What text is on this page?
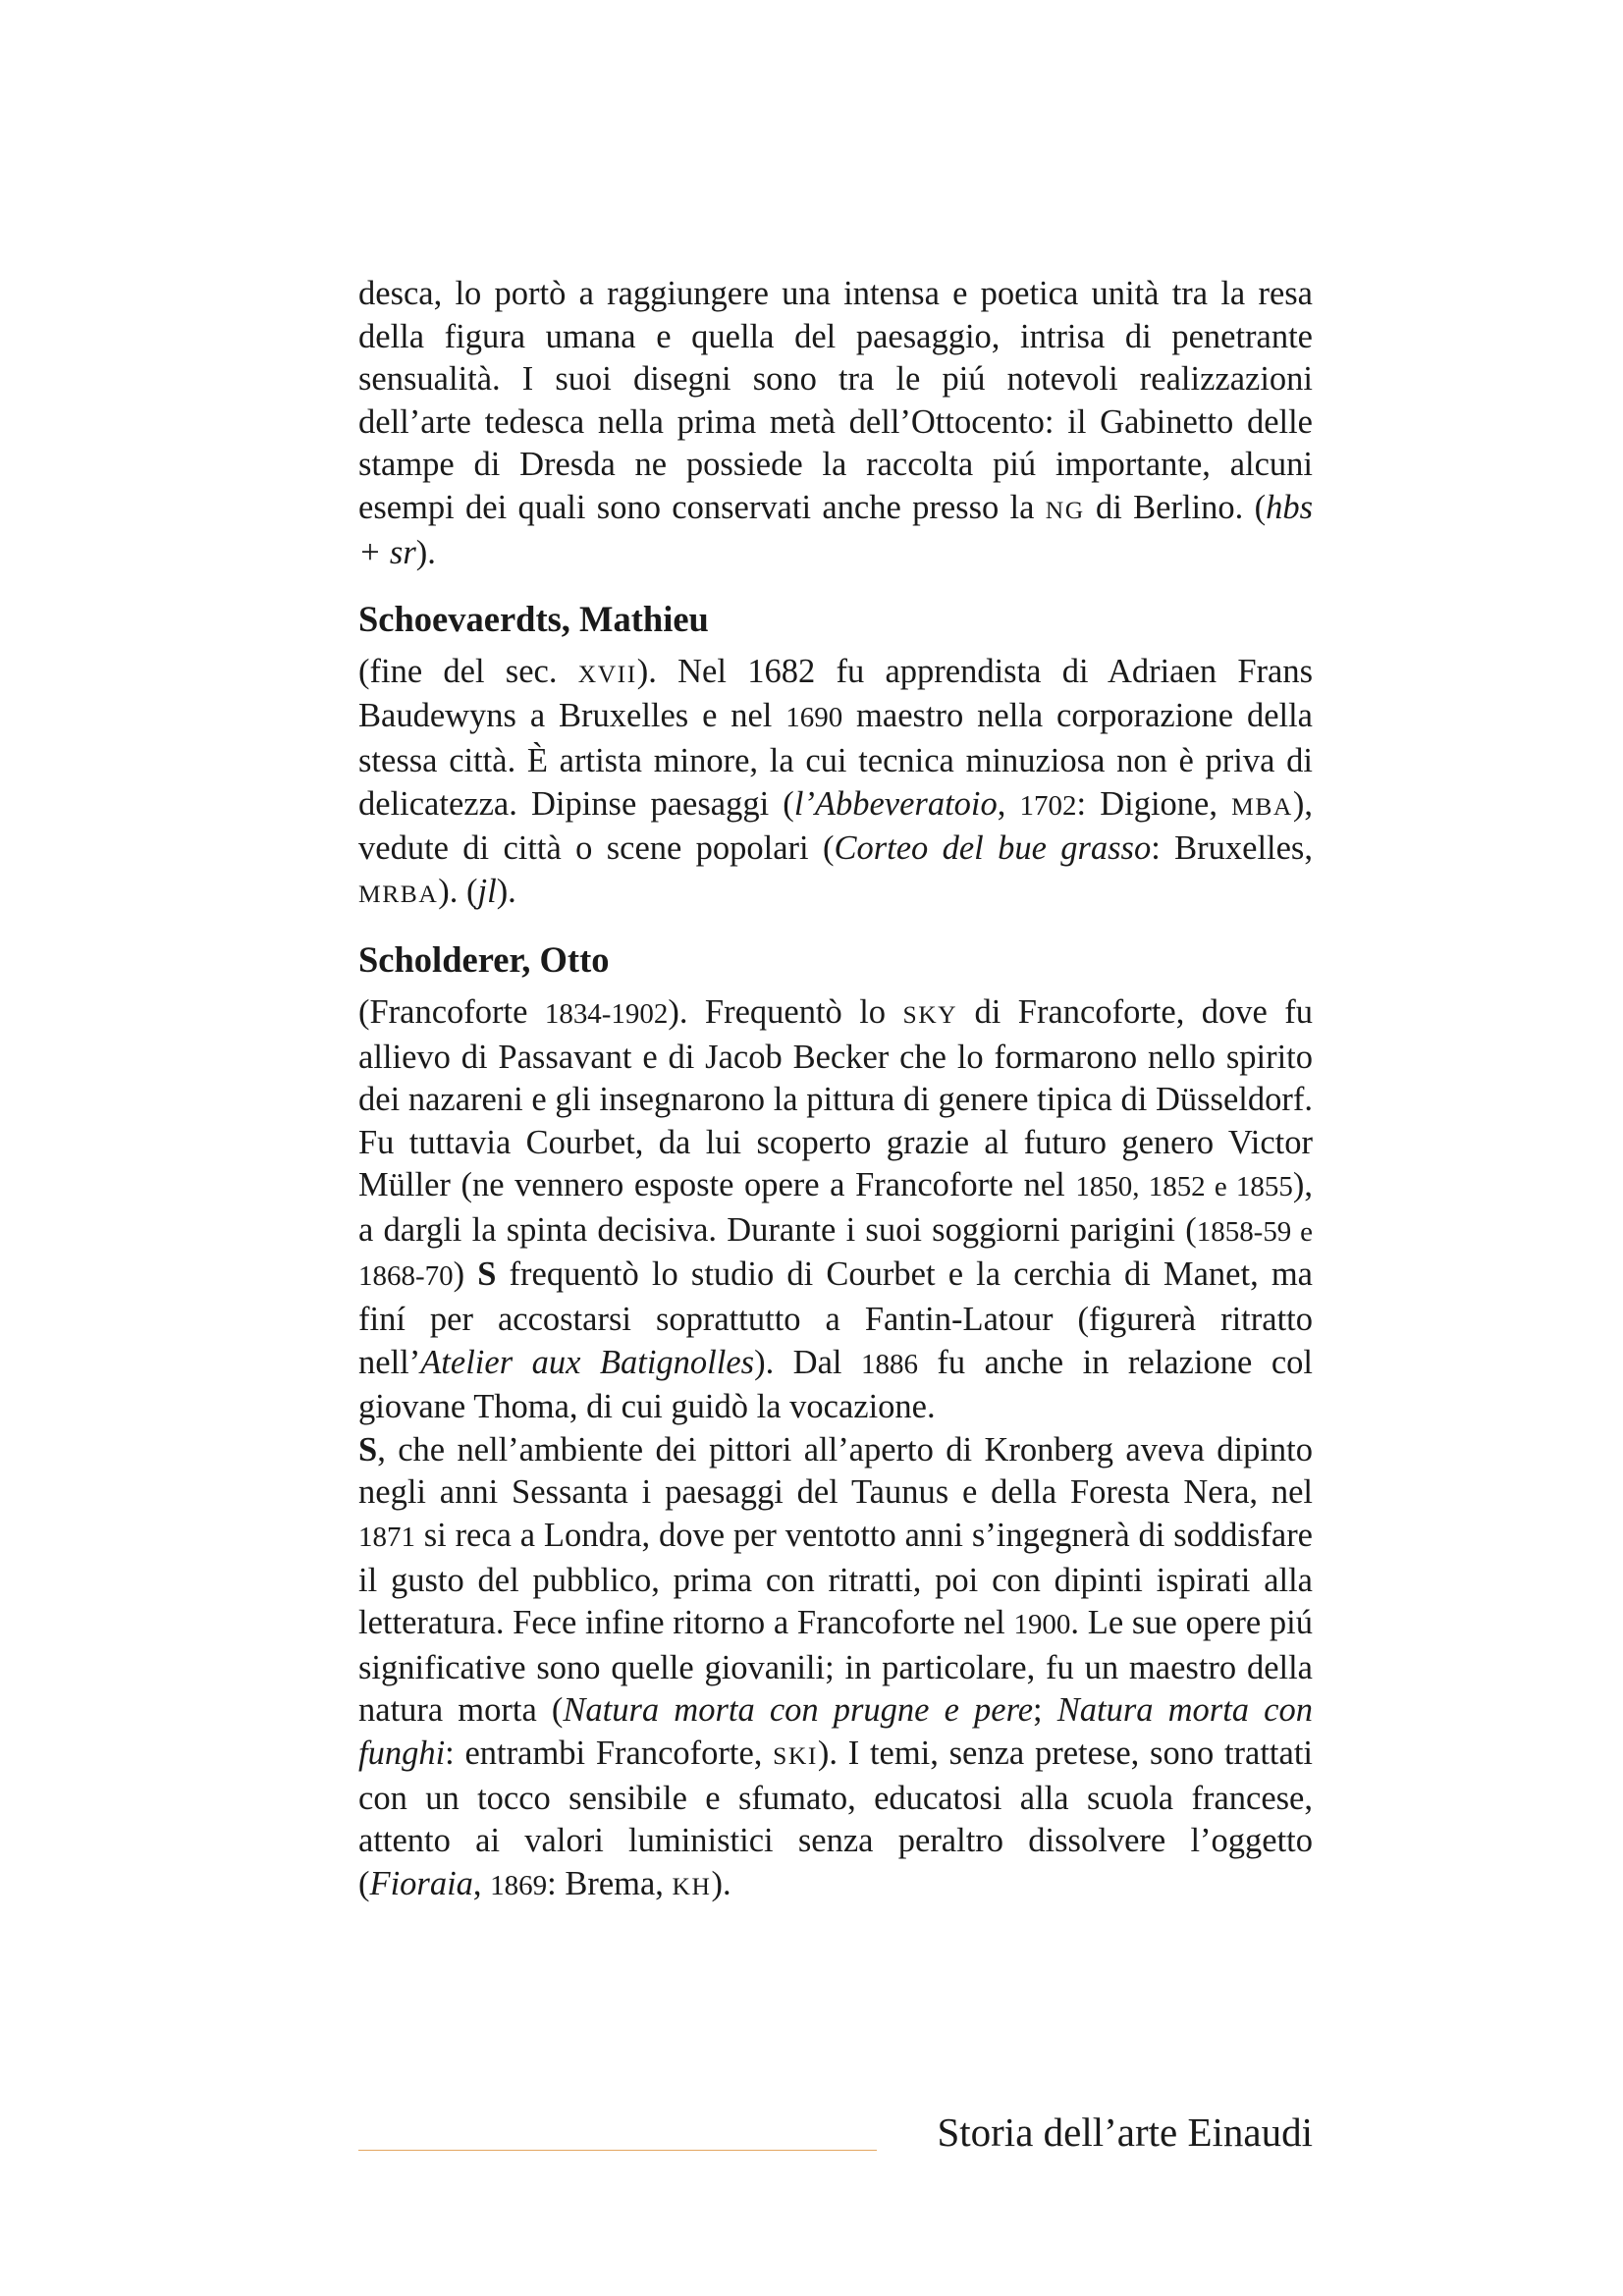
desca, lo portò a raggiungere una intensa e poetica unità tra la resa della figura umana e quella del paesaggio, intrisa di penetrante sensualità. I suoi disegni sono tra le piú notevoli realizzazioni dell’arte tedesca nella prima metà dell’Ottocento: il Gabinetto delle stampe di Dresda ne possiede la raccolta piú importante, alcuni esempi dei quali sono conservati anche presso la NG di Berlino. (hbs + sr).

Schoevaerdts, Mathieu

(fine del sec. XVII). Nel 1682 fu apprendista di Adriaen Frans Baudewyns a Bruxelles e nel 1690 maestro nella corporazione della stessa città. È artista minore, la cui tecnica minuziosa non è priva di delicatezza. Dipinse paesaggi (l’Abbeveratoio, 1702: Digione, MBA), vedute di città o scene popolari (Corteo del bue grasso: Bruxelles, MRBA). (jl).

Scholderer, Otto

(Francoforte 1834-1902). Frequentò lo SKY di Francoforte, dove fu allievo di Passavant e di Jacob Becker che lo formarono nello spirito dei nazareni e gli insegnarono la pittura di genere tipica di Düsseldorf. Fu tuttavia Courbet, da lui scoperto grazie al futuro genero Victor Müller (ne vennero esposte opere a Francoforte nel 1850, 1852 e 1855), a dargli la spinta decisiva. Durante i suoi soggiorni parigini (1858-59 e 1868-70) S frequentò lo studio di Courbet e la cerchia di Manet, ma finí per accostarsi soprattutto a Fantin-Latour (figurerà ritratto nell’Atelier aux Batignolles). Dal 1886 fu anche in relazione col giovane Thoma, di cui guidò la vocazione.

S, che nell’ambiente dei pittori all’aperto di Kronberg aveva dipinto negli anni Sessanta i paesaggi del Taunus e della Foresta Nera, nel 1871 si reca a Londra, dove per ventotto anni s’ingegnerà di soddisfare il gusto del pubblico, prima con ritratti, poi con dipinti ispirati alla letteratura. Fece infine ritorno a Francoforte nel 1900. Le sue opere piú significative sono quelle giovanili; in particolare, fu un maestro della natura morta (Natura morta con prugne e pere; Natura morta con funghi: entrambi Francoforte, SKI). I temi, senza pretese, sono trattati con un tocco sensibile e sfumato, educatosi alla scuola francese, attento ai valori luministici senza peraltro dissolvere l’oggetto (Fioraia, 1869: Brema, KH).

Storia dell’arte Einaudi
